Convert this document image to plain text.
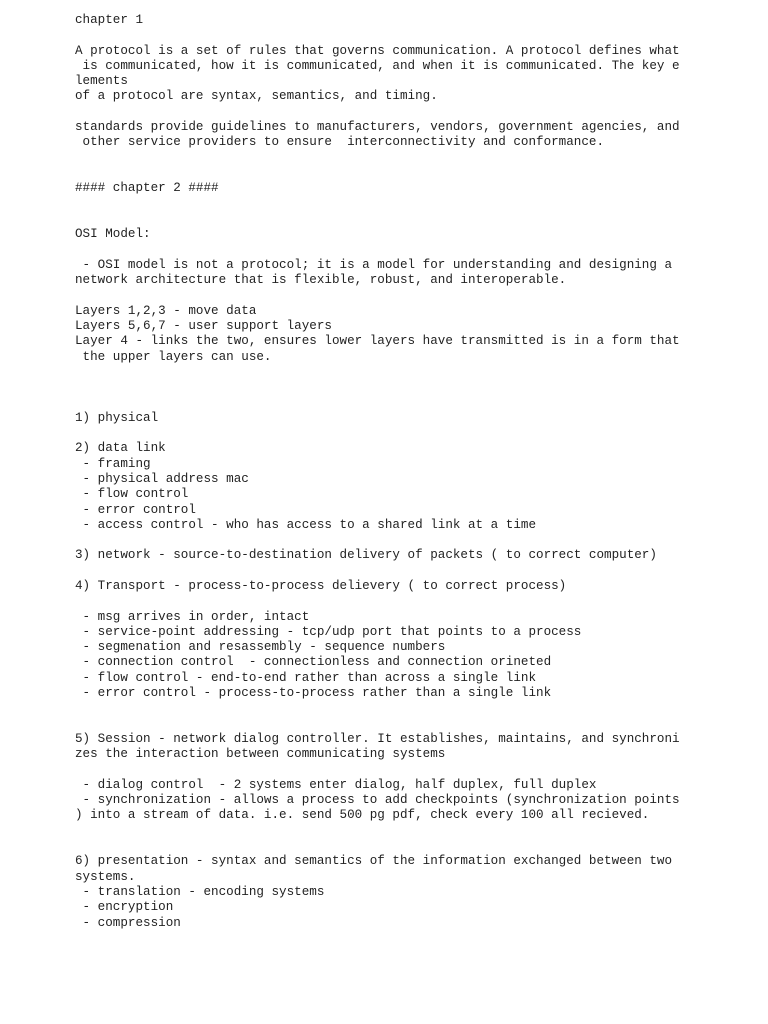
chapter 1
A protocol is a set of rules that governs communication. A protocol defines what
is communicated, how it is communicated, and when it is communicated. The key e
lements
of a protocol are syntax, semantics, and timing.
standards provide guidelines to manufacturers, vendors, government agencies, and
other service providers to ensure  interconnectivity and conformance.
#### chapter 2 ####
OSI Model:
- OSI model is not a protocol; it is a model for understanding and designing a
network architecture that is flexible, robust, and interoperable.
Layers 1,2,3 - move data
Layers 5,6,7 - user support layers
Layer 4 - links the two, ensures lower layers have transmitted is in a form that
the upper layers can use.
1) physical
2) data link
- framing
- physical address mac
- flow control
- error control
- access control - who has access to a shared link at a time
3) network - source-to-destination delivery of packets ( to correct computer)
4) Transport - process-to-process delievery ( to correct process)
- msg arrives in order, intact
- service-point addressing - tcp/udp port that points to a process
- segmenation and resassembly - sequence numbers
- connection control  - connectionless and connection orineted
- flow control - end-to-end rather than across a single link
- error control - process-to-process rather than a single link
5) Session - network dialog controller. It establishes, maintains, and synchroni
zes the interaction between communicating systems
- dialog control  - 2 systems enter dialog, half duplex, full duplex
- synchronization - allows a process to add checkpoints (synchronization points
) into a stream of data. i.e. send 500 pg pdf, check every 100 all recieved.
6) presentation - syntax and semantics of the information exchanged between two
systems.
- translation - encoding systems
- encryption
- compression
